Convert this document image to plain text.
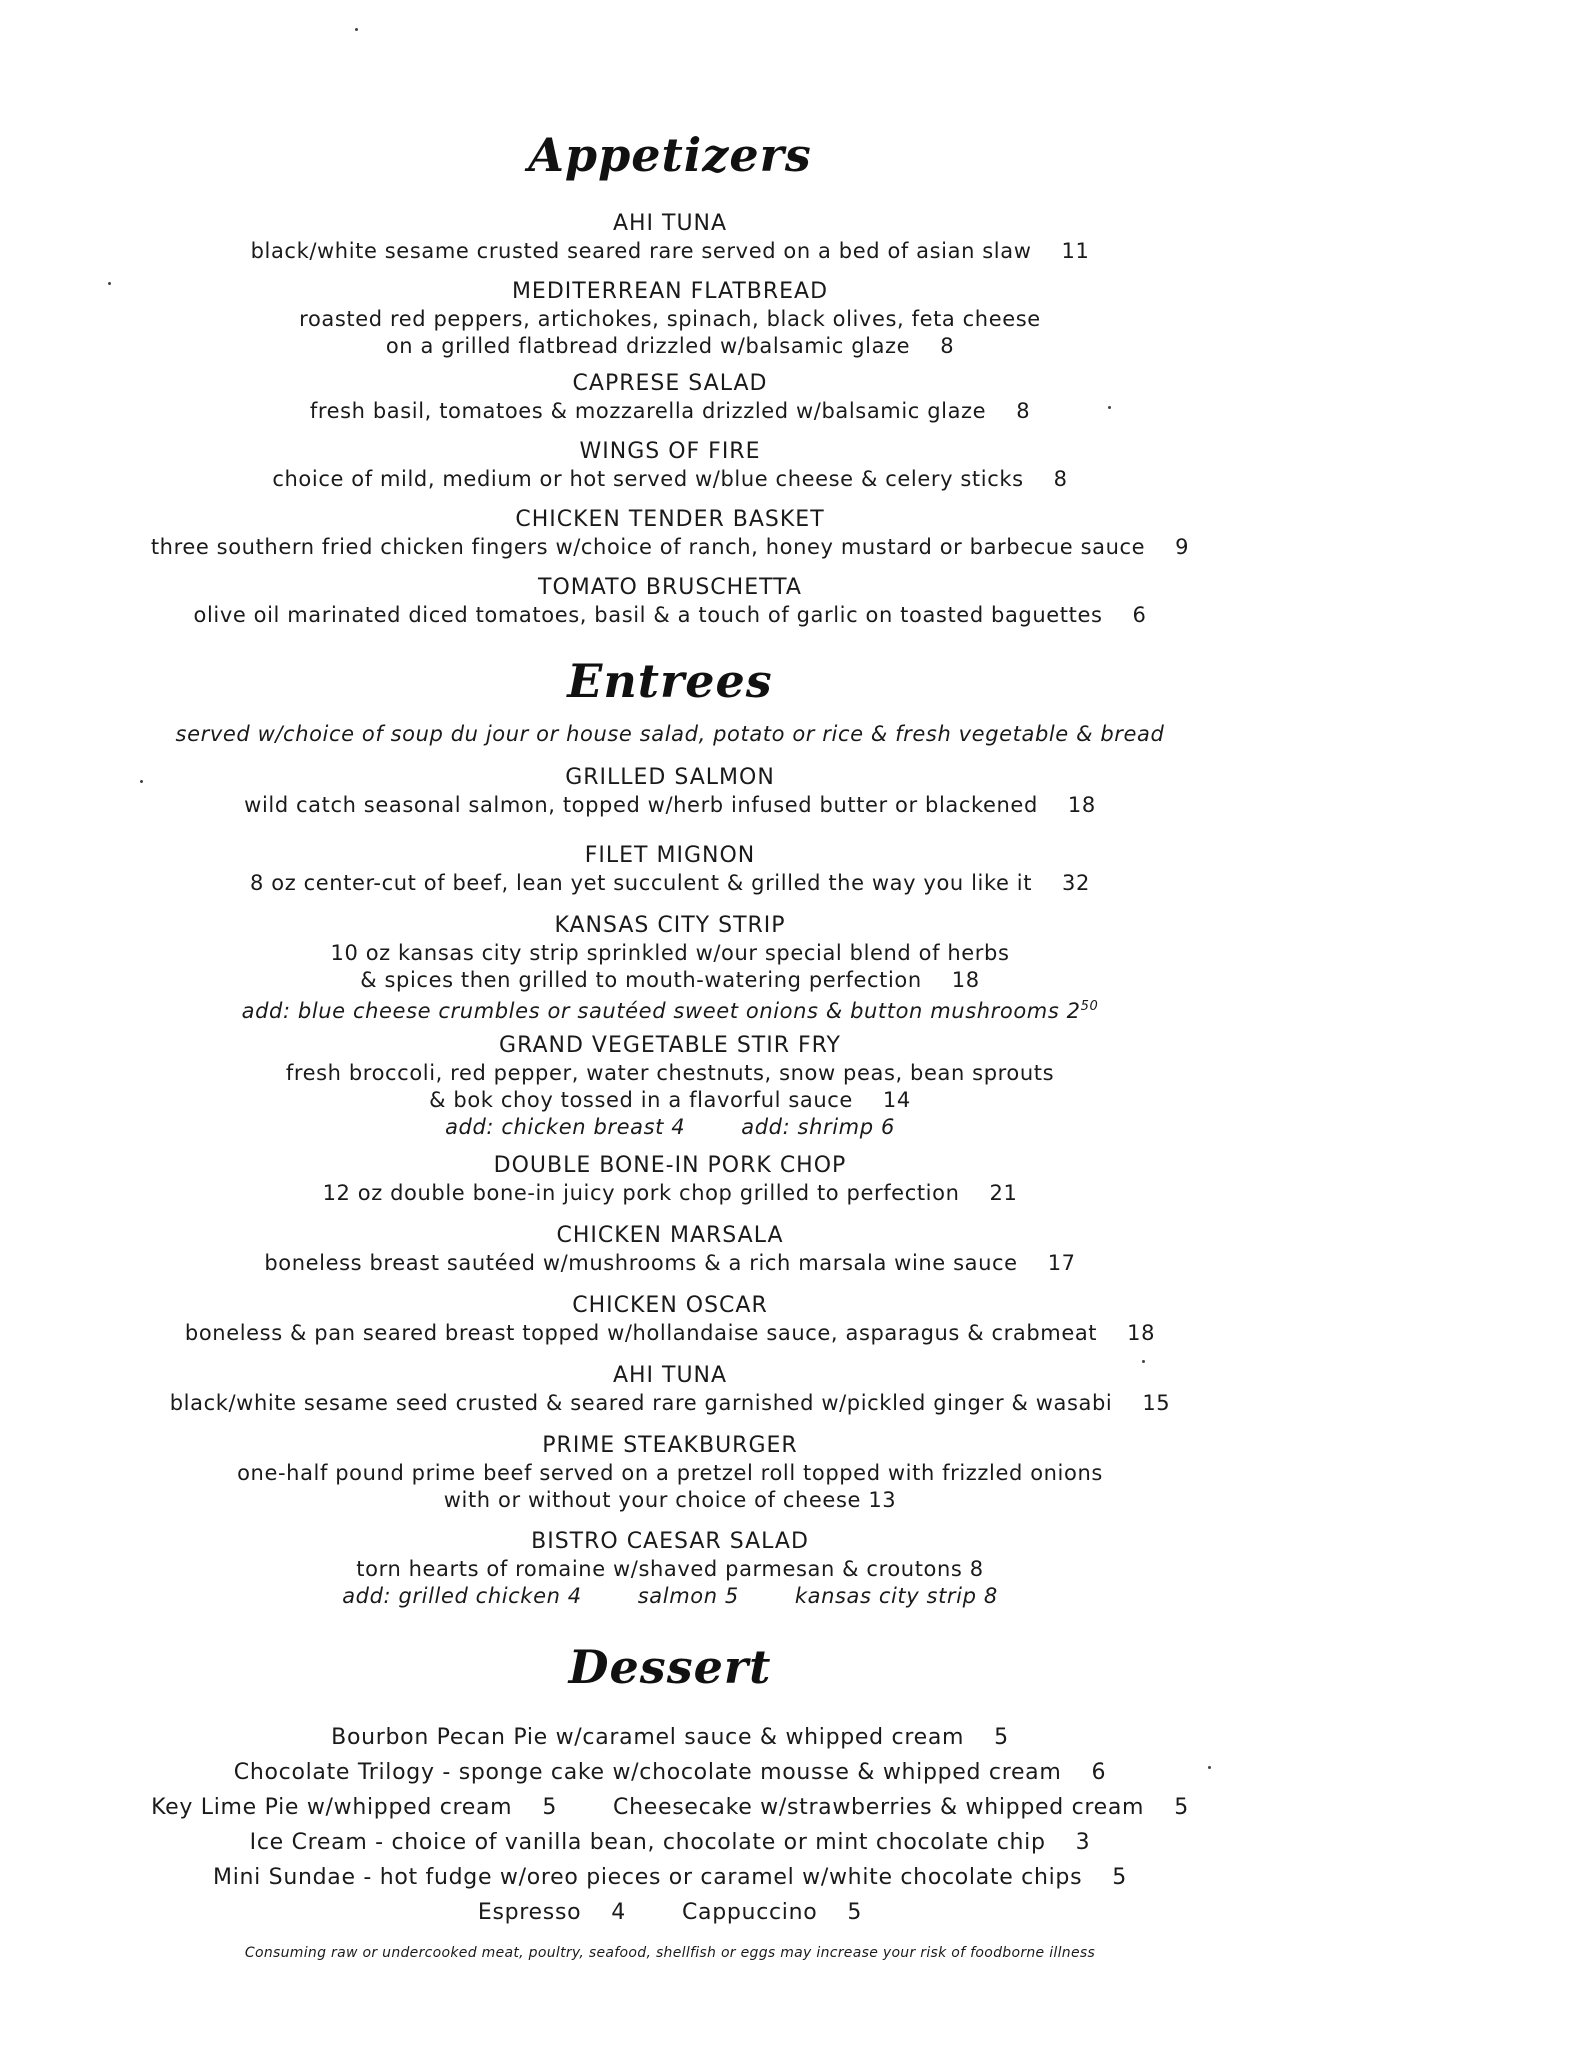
Appetizers
AHI TUNA
black/white sesame crusted seared rare served on a bed of asian slaw 11
MEDITERREAN FLATBREAD
roasted red peppers, artichokes, spinach, black olives, feta cheese
on a grilled flatbread drizzled w/balsamic glaze 8
CAPRESE SALAD
fresh basil, tomatoes & mozzarella drizzled w/balsamic glaze 8
WINGS OF FIRE
choice of mild, medium or hot served w/blue cheese & celery sticks 8
CHICKEN TENDER BASKET
three southern fried chicken fingers w/choice of ranch, honey mustard or barbecue sauce 9
TOMATO BRUSCHETTA
olive oil marinated diced tomatoes, basil & a touch of garlic on toasted baguettes 6
Entrees
served w/choice of soup du jour or house salad, potato or rice & fresh vegetable & bread
GRILLED SALMON
wild catch seasonal salmon, topped w/herb infused butter or blackened 18
FILET MIGNON
8 oz center-cut of beef, lean yet succulent & grilled the way you like it 32
KANSAS CITY STRIP
10 oz kansas city strip sprinkled w/our special blend of herbs
& spices then grilled to mouth-watering perfection 18
add: blue cheese crumbles or sautéed sweet onions & button mushrooms $2^{50}$
GRAND VEGETABLE STIR FRY
fresh broccoli, red pepper, water chestnuts, snow peas, bean sprouts
& bok choy tossed in a flavorful sauce 14
add: chicken breast 4	add: shrimp 6
DOUBLE BONE-IN PORK CHOP
12 oz double bone-in juicy pork chop grilled to perfection 21
CHICKEN MARSALA
boneless breast sautéed w/mushrooms & a rich marsala wine sauce 17
CHICKEN OSCAR
boneless & pan seared breast topped w/hollandaise sauce, asparagus & crabmeat 18
AHI TUNA
black/white sesame seed crusted & seared rare garnished w/pickled ginger & wasabi 15
PRIME STEAKBURGER
one-half pound prime beef served on a pretzel roll topped with frizzled onions
with or without your choice of cheese 13
BISTRO CAESAR SALAD
torn hearts of romaine w/shaved parmesan & croutons 8
add: grilled chicken 4	salmon 5	kansas city strip 8
Dessert
Bourbon Pecan Pie w/caramel sauce & whipped cream 5
Chocolate Trilogy - sponge cake w/chocolate mousse & whipped cream 6
Key Lime Pie w/whipped cream 5	Cheesecake w/strawberries & whipped cream 5
Ice Cream - choice of vanilla bean, chocolate or mint chocolate chip 3
Mini Sundae - hot fudge w/oreo pieces or caramel w/white chocolate chips 5
Espresso 4	Cappuccino 5
Consuming raw or undercooked meat, poultry, seafood, shellfish or eggs may increase your risk of foodborne illness
